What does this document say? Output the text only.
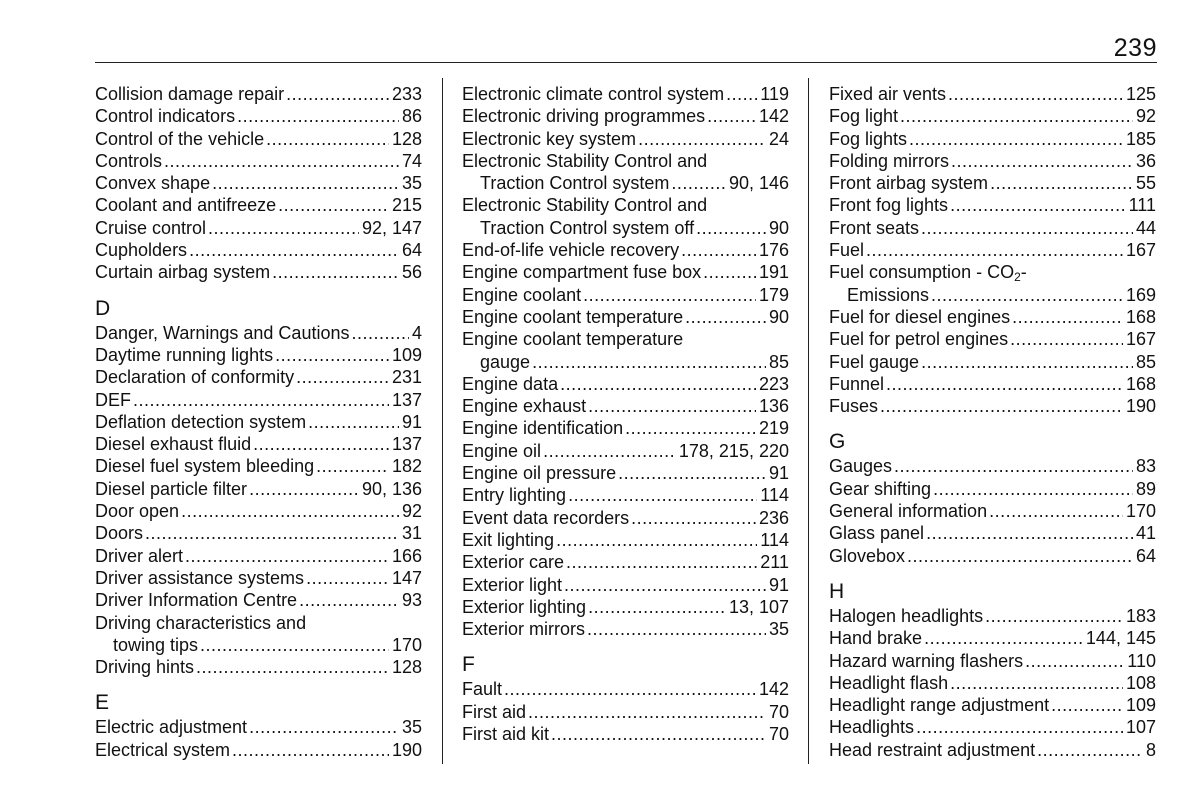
239
Collision damage repair .....	233
Control indicators .....	86
Control of the vehicle .....	128
Controls .....	74
Convex shape .....	35
Coolant and antifreeze .....	215
Cruise control .....	92, 147
Cupholders .....	64
Curtain airbag system .....	56
D
Danger, Warnings and Cautions .....	4
Daytime running lights .....	109
Declaration of conformity .....	231
DEF .....	137
Deflation detection system .....	91
Diesel exhaust fluid .....	137
Diesel fuel system bleeding .....	182
Diesel particle filter .....	90, 136
Door open .....	92
Doors .....	31
Driver alert .....	166
Driver assistance systems .....	147
Driver Information Centre .....	93
Driving characteristics and
towing tips .....	170
Driving hints .....	128
E
Electric adjustment .....	35
Electrical system .....	190
Electronic climate control system ..... 119
Electronic driving programmes .....	142
Electronic key system .....	24
Electronic Stability Control and
Traction Control system .....	90, 146
Electronic Stability Control and
Traction Control system off .....	90
End-of-life vehicle recovery .....	176
Engine compartment fuse box .....	191
Engine coolant .....	179
Engine coolant temperature .....	90
Engine coolant temperature
gauge .....	85
Engine data .....	223
Engine exhaust .....	136
Engine identification .....	219
Engine oil .....	178, 215, 220
Engine oil pressure .....	91
Entry lighting .....	114
Event data recorders .....	236
Exit lighting .....	114
Exterior care .....	211
Exterior light .....	91
Exterior lighting .....	13, 107
Exterior mirrors .....	35
F
Fault .....	142
First aid .....	70
First aid kit .....	70
Fixed air vents .....	125
Fog light .....	92
Fog lights .....	185
Folding mirrors .....	36
Front airbag system .....	55
Front fog lights .....	111
Front seats .....	44
Fuel .....	167
Fuel consumption - $CO_2-$
Emissions .....	169
Fuel for diesel engines .....	168
Fuel for petrol engines .....	167
Fuel gauge .....	85
Funnel .....	168
Fuses .....	190
G
Gauges .....	83
Gear shifting .....	89
General information .....	170
Glass panel .....	41
Glovebox .....	64
H
Halogen headlights .....	183
Hand brake .....	144, 145
Hazard warning flashers .....	110
Headlight flash .....	108
Headlight range adjustment .....	109
Headlights .....	107
Head restraint adjustment .....	8
